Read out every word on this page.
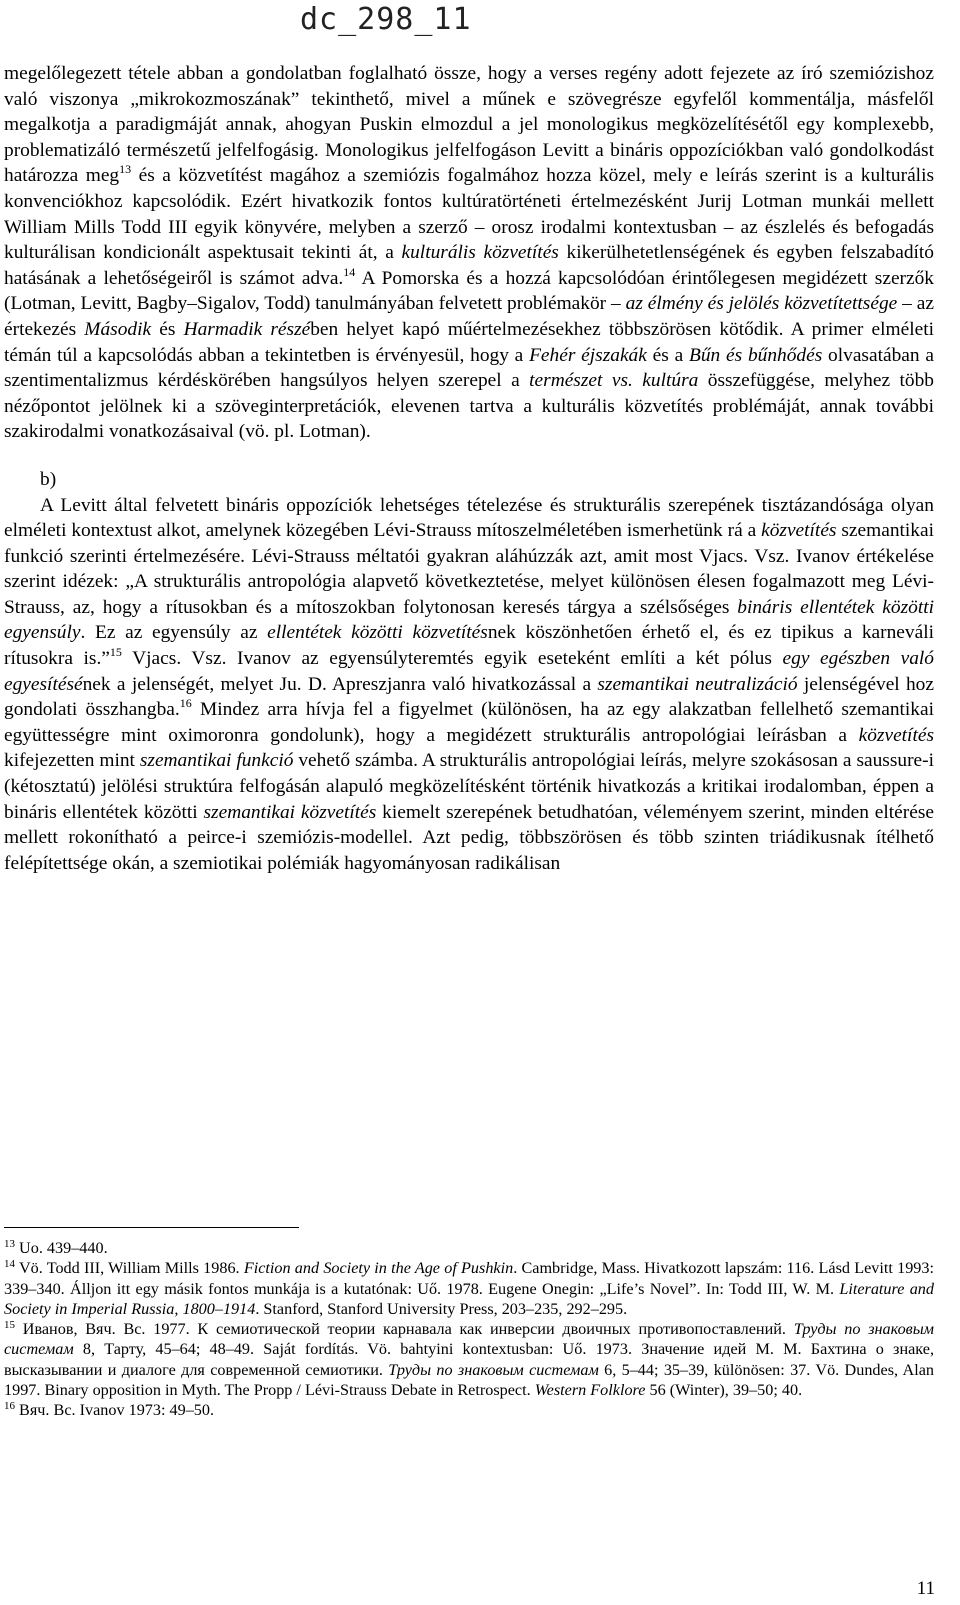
dc_298_11

megelőlegezett tétele abban a gondolatban foglalható össze, hogy a verses regény adott fejezete az író szemiózishoz való viszonya „mikrokozmoszának” tekinthető, mivel a műnek e szövegrésze egyfelől kommentálja, másfelől megalkotja a paradigmáját annak, ahogyan Puskin elmozdul a jel monologikus megközelítésétől egy komplexebb, problematizáló természetű jelfelfogásig. Monologikus jelfelfogáson Levitt a bináris oppozíciókban való gondolkodást határozza meg$^{13}$ és a közvetítést magához a szemiózis fogalmához hozza közel, mely e leírás szerint is a kulturális konvenciókhoz kapcsolódik. Ezért hivatkozik fontos kultúratörténeti értelmezésként Jurij Lotman munkái mellett William Mills Todd III egyik könyvére, melyben a szerző – orosz irodalmi kontextusban – az észlelés és befogadás kulturálisan kondicionált aspektusait tekinti át, a kulturális közvetítés kikerülhetetlenségének és egyben felszabadító hatásának a lehetőségeiről is számot adva.$^{14}$ A Pomorska és a hozzá kapcsolódóan érintőlegesen megidézett szerzők (Lotman, Levitt, Bagby–Sigalov, Todd) tanulmányában felvetett problémakör – az élmény és jelölés közvetítettsége – az értekezés Második és Harmadik részében helyet kapó műértelmezésekhez többszörösen kötődik. A primer elméleti témán túl a kapcsolódás abban a tekintetben is érvényesül, hogy a Fehér éjszakák és a Bűn és bűnhődés olvasatában a szentimentalizmus kérdéskörében hangsúlyos helyen szerepel a természet vs. kultúra összefüggése, melyhez több nézőpontot jelölnek ki a szöveginterpretációk, elevenen tartva a kulturális közvetítés problémáját, annak további szakirodalmi vonatkozásaival (vö. pl. Lotman).

b)

A Levitt által felvetett bináris oppozíciók lehetséges tételezése és strukturális szerepének tisztázandósága olyan elméleti kontextust alkot, amelynek közegében Lévi-Strauss mítoszelméletében ismerhetünk rá a közvetítés szemantikai funkció szerinti értelmezésére. Lévi-Strauss méltatói gyakran aláhúzzák azt, amit most Vjacs. Vsz. Ivanov értékelése szerint idézek: „A strukturális antropológia alapvető következtetése, melyet különösen élesen fogalmazott meg Lévi-Strauss, az, hogy a rítusokban és a mítoszokban folytonosan keresés tárgya a szélsőséges bináris ellentétek közötti egyensúly. Ez az egyensúly az ellentétek közötti közvetítésnek köszönhetően érhető el, és ez tipikus a karneváli rítusokra is.”$^{15}$ Vjacs. Vsz. Ivanov az egyensúlyteremtés egyik eseteként említi a két pólus egy egészben való egyesítésének a jelenségét, melyet Ju. D. Apreszjanra való hivatkozással a szemantikai neutralizáció jelenségével hoz gondolati összhangba.$^{16}$ Mindez arra hívja fel a figyelmet (különösen, ha az egy alakzatban fellelhető szemantikai együttességre mint oximoronra gondolunk), hogy a megidézett strukturális antropológiai leírásban a közvetítés kifejezetten mint szemantikai funkció vehető számba. A strukturális antropológiai leírás, melyre szokásosan a saussure-i (kétosztatú) jelölési struktúra felfogásán alapuló megközelítésként történik hivatkozás a kritikai irodalomban, éppen a bináris ellentétek közötti szemantikai közvetítés kiemelt szerepének betudhatóan, véleményem szerint, minden eltérése mellett rokonítható a peirce-i szemiózis-modellel. Azt pedig, többszörösen és több szinten triádikusnak ítélhető felépítettsége okán, a szemiotikai polémiák hagyományosan radikálisan

$^{13}$ Uo. 439–440.

$^{14}$ Vö. Todd III, William Mills 1986. Fiction and Society in the Age of Pushkin. Cambridge, Mass. Hivatkozott lapszám: 116. Lásd Levitt 1993: 339–340. Álljon itt egy másik fontos munkája is a kutatónak: Uő. 1978. Eugene Onegin: „Life’s Novel”. In: Todd III, W. M. Literature and Society in Imperial Russia, 1800–1914. Stanford, Stanford University Press, 203–235, 292–295.

$^{15}$ Иванов, Вяч. Вс. 1977. К семиотической теории карнавала как инверсии двоичных противопоставлений. Труды по знаковым системам 8, Тарту, 45–64; 48–49. Saját fordítás. Vö. bahtyini kontextusban: Uő. 1973. Значение идей М. М. Бахтина о знаке, высказывании и диалоге для современной семиотики. Труды по знаковым системам 6, 5–44; 35–39, különösen: 37. Vö. Dundes, Alan 1997. Binary opposition in Myth. The Propp / Lévi-Strauss Debate in Retrospect. Western Folklore 56 (Winter), 39–50; 40.

$^{16}$ Вяч. Вс. Ivanov 1973: 49–50.

11
